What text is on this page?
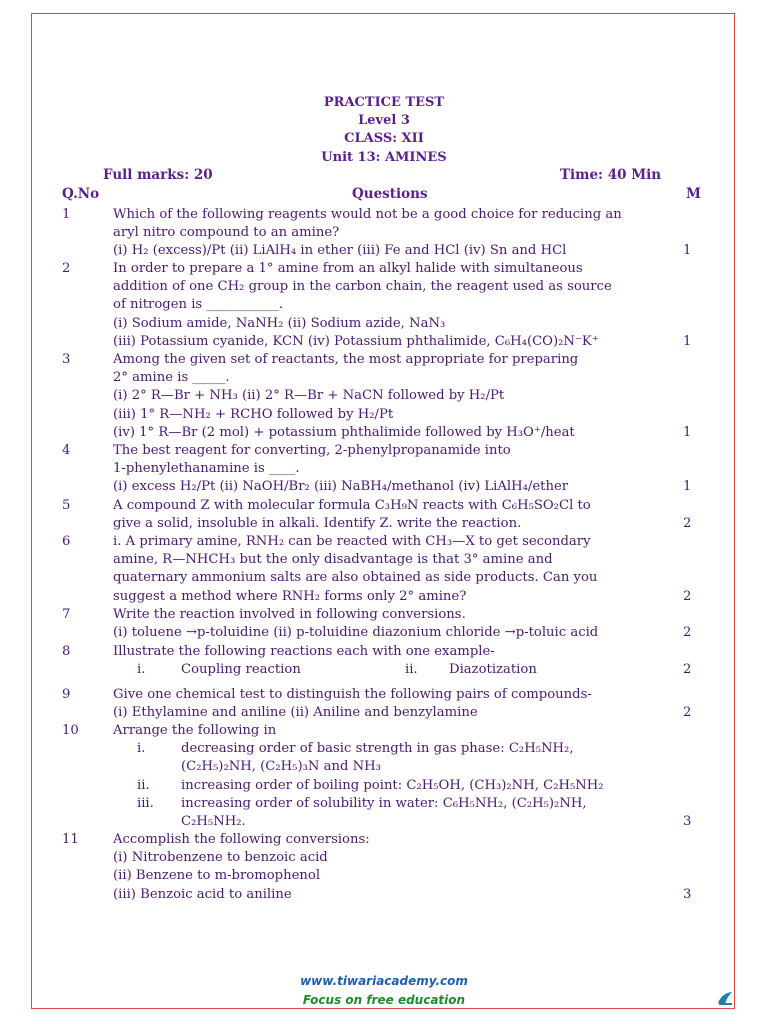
PRACTICE TEST
Level 3
CLASS: XII
Unit 13: AMINES
Full marks: 20	Time: 40 Min
Q.No	Questions	M
1	Which of the following reagents would not be a good choice for reducing an
aryl nitro compound to an amine?
(i) H₂ (excess)/Pt (ii) LiAlH₄ in ether (iii) Fe and HCl (iv) Sn and HCl	1
2	In order to prepare a 1° amine from an alkyl halide with simultaneous
addition of one CH₂ group in the carbon chain, the reagent used as source
of nitrogen is ___________.
(i) Sodium amide, NaNH₂ (ii) Sodium azide, NaN₃
(iii) Potassium cyanide, KCN (iv) Potassium phthalimide, C₆H₄(CO)₂N⁻K⁺	1
3	Among the given set of reactants, the most appropriate for preparing
2° amine is _____.
(i) 2° R—Br + NH₃ (ii) 2° R—Br + NaCN followed by H₂/Pt
(iii) 1° R—NH₂ + RCHO followed by H₂/Pt
(iv) 1° R—Br (2 mol) + potassium phthalimide followed by H₃O⁺/heat	1
4	The best reagent for converting, 2-phenylpropanamide into
1-phenylethanamine is ____.
(i) excess H₂/Pt (ii) NaOH/Br₂ (iii) NaBH₄/methanol (iv) LiAlH₄/ether	1
5	A compound Z with molecular formula C₃H₉N reacts with C₆H₅SO₂Cl to
give a solid, insoluble in alkali. Identify Z. write the reaction.	2
6	i. A primary amine, RNH₂ can be reacted with CH₃—X to get secondary
amine, R—NHCH₃ but the only disadvantage is that 3° amine and
quaternary ammonium salts are also obtained as side products. Can you
suggest a method where RNH₂ forms only 2° amine?	2
7	Write the reaction involved in following conversions.
(i) toluene →p-toluidine (ii) p-toluidine diazonium chloride →p-toluic acid	2
8	Illustrate the following reactions each with one example-
i.	Coupling reaction	ii.	Diazotization	2
9	Give one chemical test to distinguish the following pairs of compounds-
(i) Ethylamine and aniline (ii) Aniline and benzylamine	2
10	Arrange the following in
i.	decreasing order of basic strength in gas phase: C₂H₅NH₂,
(C₂H₅)₂NH, (C₂H₅)₃N and NH₃
ii.	increasing order of boiling point: C₂H₅OH, (CH₃)₂NH, C₂H₅NH₂
iii.	increasing order of solubility in water: C₆H₅NH₂, (C₂H₅)₂NH,
C₂H₅NH₂.	3
11	Accomplish the following conversions:
(i) Nitrobenzene to benzoic acid
(ii) Benzene to m-bromophenol
(iii) Benzoic acid to aniline	3
www.tiwariacademy.com
Focus on free education
